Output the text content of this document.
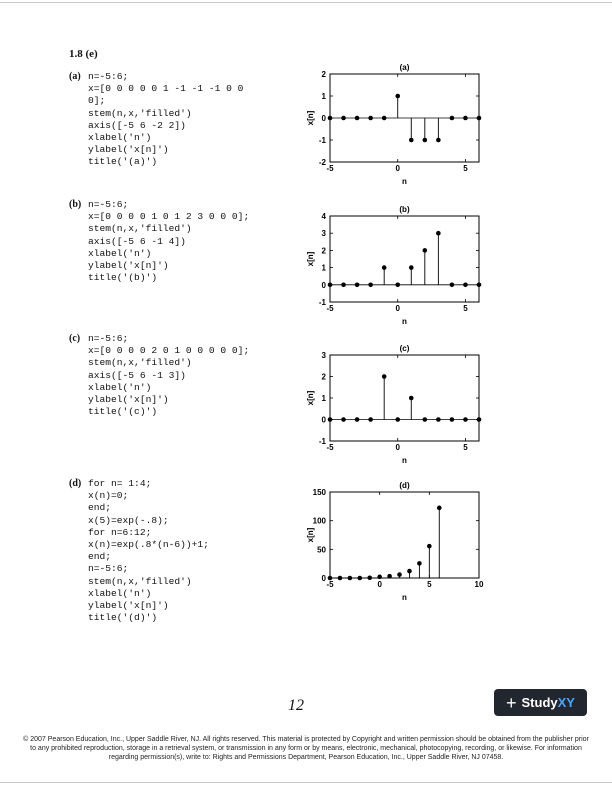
1.8 (e)
(a) n=-5:6;
x=[0 0 0 0 0 1 -1 -1 -1 0 0
0];
stem(n,x,'filled')
axis([-5 6 -2 2])
xlabel('n')
ylabel('x[n]')
title('(a)')
(b) n=-5:6;
x=[0 0 0 0 1 0 1 2 3 0 0 0];
stem(n,x,'filled')
axis([-5 6 -1 4])
xlabel('n')
ylabel('x[n]')
title('(b)')
(c) n=-5:6;
x=[0 0 0 0 2 0 1 0 0 0 0 0];
stem(n,x,'filled')
axis([-5 6 -1 3])
xlabel('n')
ylabel('x[n]')
title('(c)')
(d) for n= 1:4;
x(n)=0;
end;
x(5)=exp(-.8);
for n=6:12;
x(n)=exp(.8*(n-6))+1;
end;
n=-5:6;
stem(n,x,'filled')
xlabel('n')
ylabel('x[n]')
title('(d)')
(a)
-2
-1
0
1
2
-5	0	5
n
x[n]
(b)
-1
0
1
2
3
4
-5	0	5
n
x[n]
(c)
-1
0
1
2
3
-5	0	5
n
x[n]
(d)
0
50
100
150
-5	0	5	10
n
x[n]
12	+ StudyXY
© 2007 Pearson Education, Inc., Upper Saddle River, NJ. All rights reserved. This material is protected by Copyright and written permission should be obtained from the publisher prior to any prohibited reproduction, storage in a retrieval system, or transmission in any form or by means, electronic, mechanical, photocopying, recording, or likewise. For information regarding permission(s), write to: Rights and Permissions Department, Pearson Education, Inc., Upper Saddle River, NJ 07458.
